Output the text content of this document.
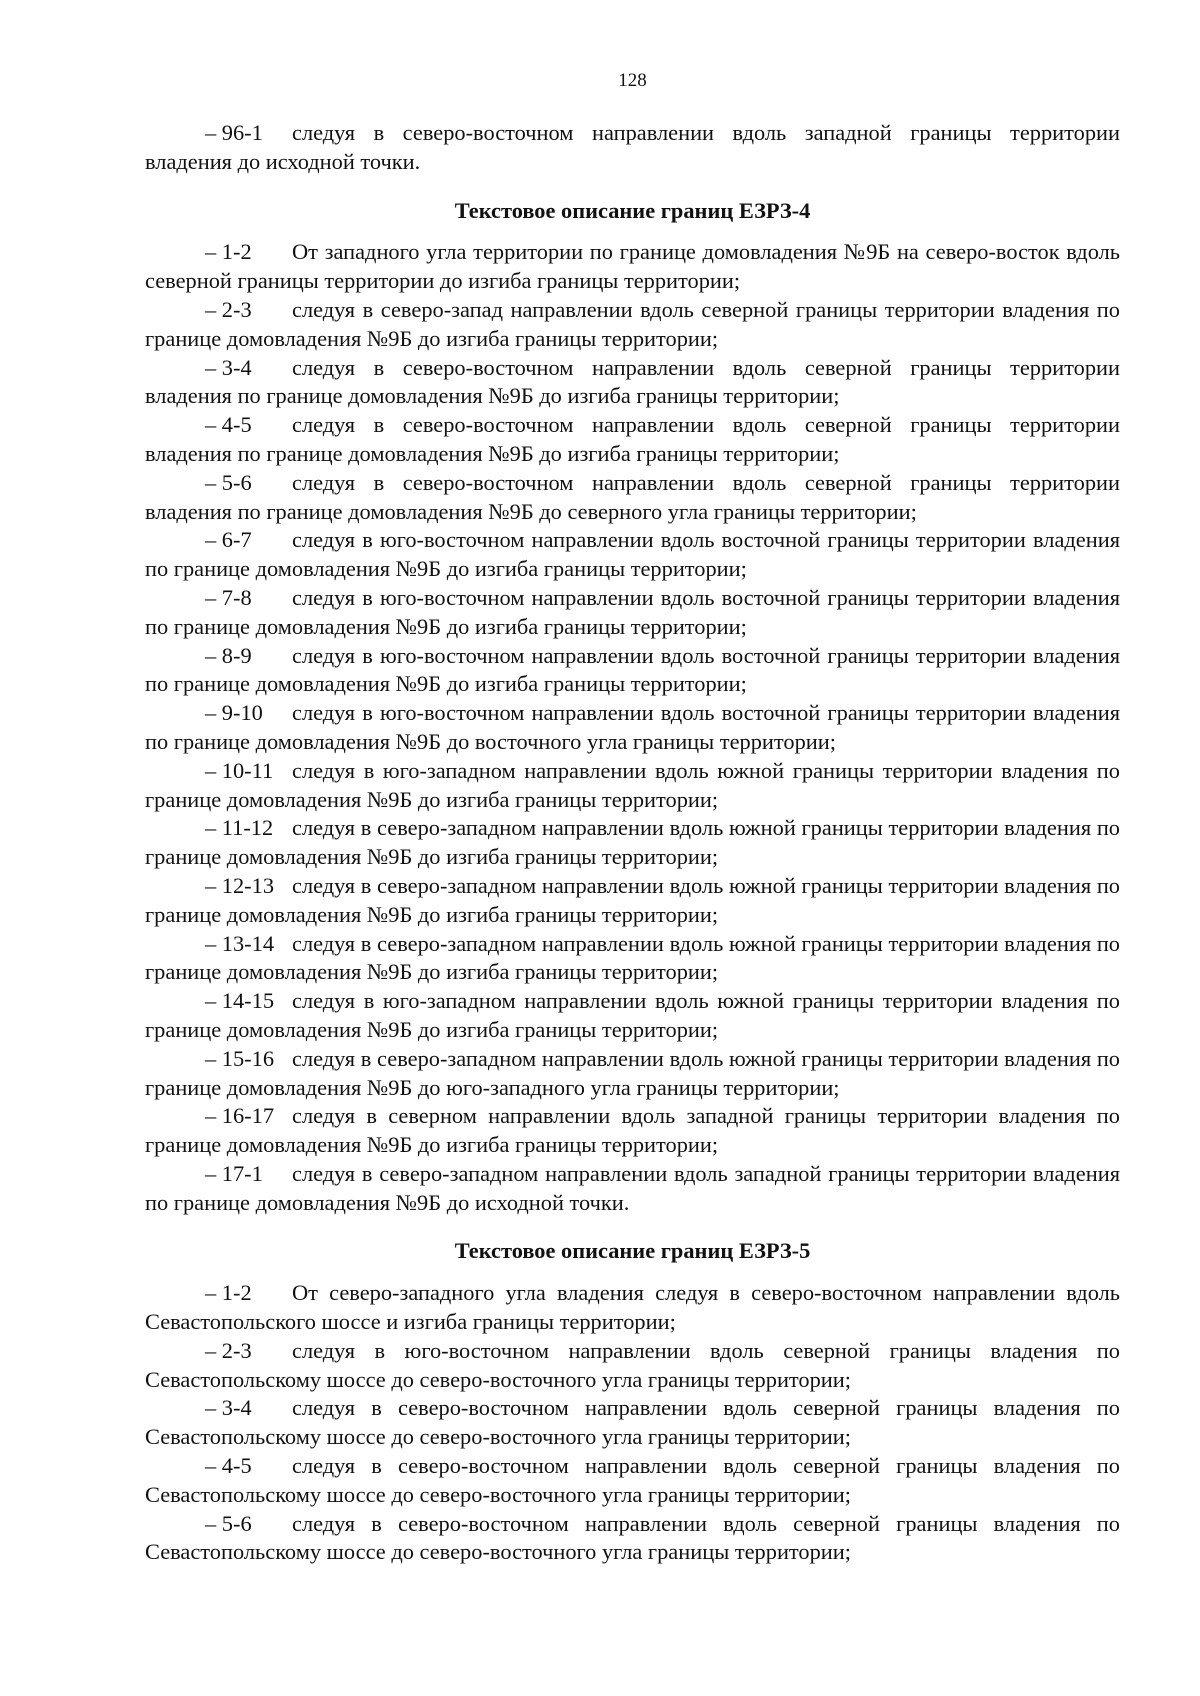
128

– 96-1 следуя в северо-восточном направлении вдоль западной границы территории владения до исходной точки.

Текстовое описание границ ЕЗРЗ-4

– 1-2 От западного угла территории по границе домовладения №9Б на северо-восток вдоль северной границы территории до изгиба границы территории;

– 2-3 следуя в северо-запад направлении вдоль северной границы территории владения по границе домовладения №9Б до изгиба границы территории;

– 3-4 следуя в северо-восточном направлении вдоль северной границы территории владения по границе домовладения №9Б до изгиба границы территории;

– 4-5 следуя в северо-восточном направлении вдоль северной границы территории владения по границе домовладения №9Б до изгиба границы территории;

– 5-6 следуя в северо-восточном направлении вдоль северной границы территории владения по границе домовладения №9Б до северного угла границы территории;

– 6-7 следуя в юго-восточном направлении вдоль восточной границы территории владения по границе домовладения №9Б до изгиба границы территории;

– 7-8 следуя в юго-восточном направлении вдоль восточной границы территории владения по границе домовладения №9Б до изгиба границы территории;

– 8-9 следуя в юго-восточном направлении вдоль восточной границы территории владения по границе домовладения №9Б до изгиба границы территории;

– 9-10 следуя в юго-восточном направлении вдоль восточной границы территории владения по границе домовладения №9Б до восточного угла границы территории;

– 10-11 следуя в юго-западном направлении вдоль южной границы территории владения по границе домовладения №9Б до изгиба границы территории;

– 11-12 следуя в северо-западном направлении вдоль южной границы территории владения по границе домовладения №9Б до изгиба границы территории;

– 12-13 следуя в северо-западном направлении вдоль южной границы территории владения по границе домовладения №9Б до изгиба границы территории;

– 13-14 следуя в северо-западном направлении вдоль южной границы территории владения по границе домовладения №9Б до изгиба границы территории;

– 14-15 следуя в юго-западном направлении вдоль южной границы территории владения по границе домовладения №9Б до изгиба границы территории;

– 15-16 следуя в северо-западном направлении вдоль южной границы территории владения по границе домовладения №9Б до юго-западного угла границы территории;

– 16-17 следуя в северном направлении вдоль западной границы территории владения по границе домовладения №9Б до изгиба границы территории;

– 17-1 следуя в северо-западном направлении вдоль западной границы территории владения по границе домовладения №9Б до исходной точки.

Текстовое описание границ ЕЗРЗ-5

– 1-2 От северо-западного угла владения следуя в северо-восточном направлении вдоль Севастопольского шоссе и изгиба границы территории;

– 2-3 следуя в юго-восточном направлении вдоль северной границы владения по Севастопольскому шоссе до северо-восточного угла границы территории;

– 3-4 следуя в северо-восточном направлении вдоль северной границы владения по Севастопольскому шоссе до северо-восточного угла границы территории;

– 4-5 следуя в северо-восточном направлении вдоль северной границы владения по Севастопольскому шоссе до северо-восточного угла границы территории;

– 5-6 следуя в северо-восточном направлении вдоль северной границы владения по Севастопольскому шоссе до северо-восточного угла границы территории;
